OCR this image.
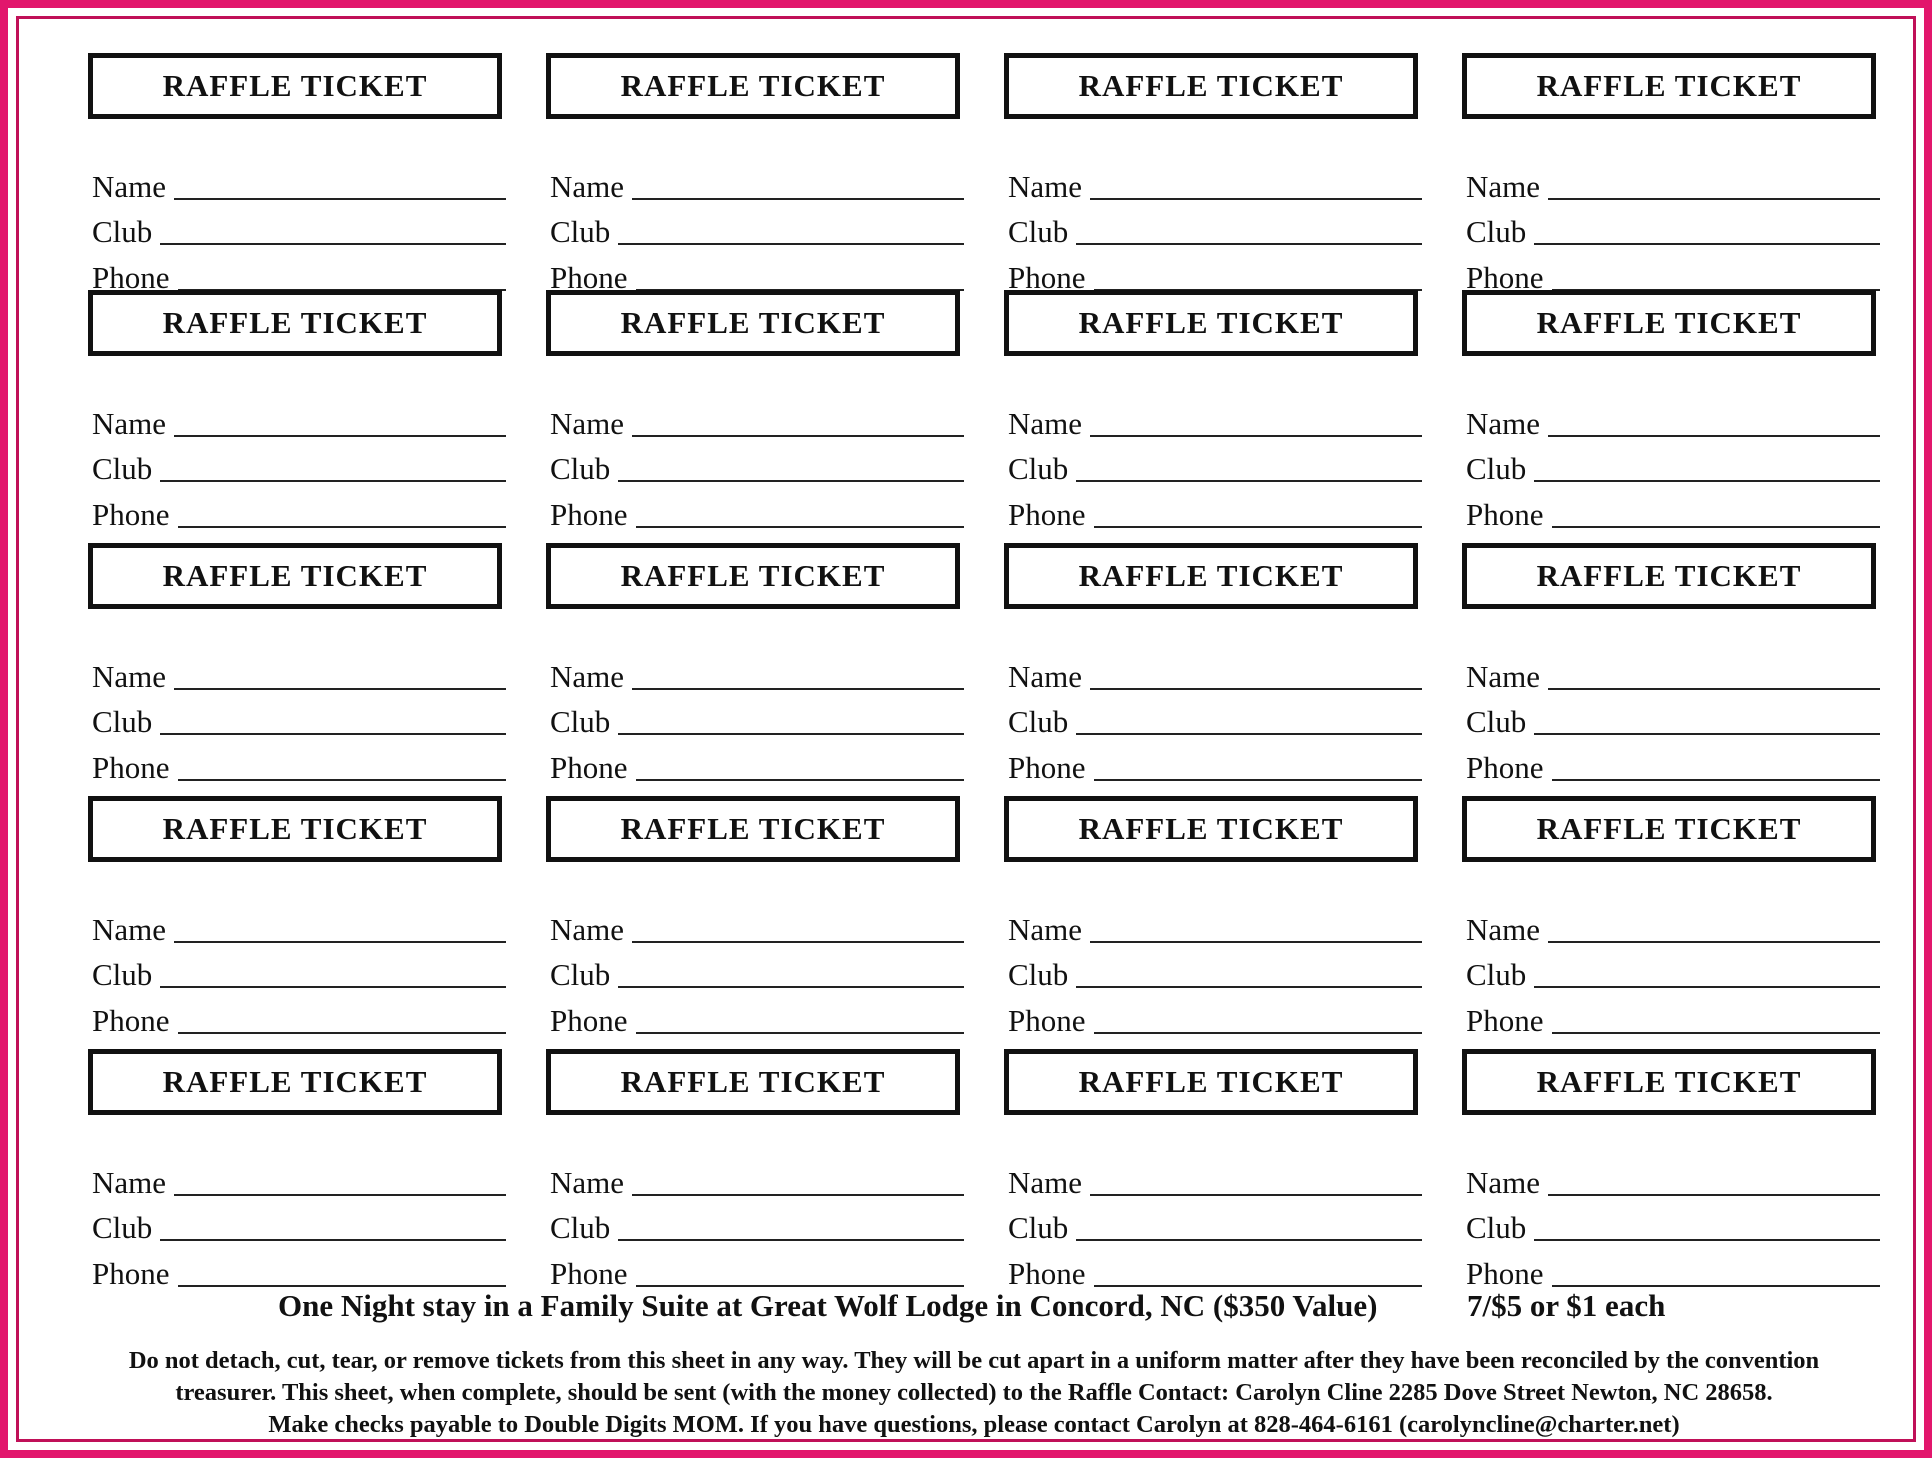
RAFFLE TICKET
Name
Club
Phone
RAFFLE TICKET
Name
Club
Phone
RAFFLE TICKET
Name
Club
Phone
RAFFLE TICKET
Name
Club
Phone
RAFFLE TICKET
Name
Club
Phone
RAFFLE TICKET
Name
Club
Phone
RAFFLE TICKET
Name
Club
Phone
RAFFLE TICKET
Name
Club
Phone
RAFFLE TICKET
Name
Club
Phone
RAFFLE TICKET
Name
Club
Phone
RAFFLE TICKET
Name
Club
Phone
RAFFLE TICKET
Name
Club
Phone
RAFFLE TICKET
Name
Club
Phone
RAFFLE TICKET
Name
Club
Phone
RAFFLE TICKET
Name
Club
Phone
RAFFLE TICKET
Name
Club
Phone
RAFFLE TICKET
Name
Club
Phone
RAFFLE TICKET
Name
Club
Phone
RAFFLE TICKET
Name
Club
Phone
RAFFLE TICKET
Name
Club
Phone
One Night stay in a Family Suite at Great Wolf Lodge in Concord, NC ($350 Value)	7/$5 or $1 each
Do not detach, cut, tear, or remove tickets from this sheet in any way. They will be cut apart in a uniform matter after they have been reconciled by the convention
treasurer. This sheet, when complete, should be sent (with the money collected) to the Raffle Contact: Carolyn Cline 2285 Dove Street Newton, NC 28658.
Make checks payable to Double Digits MOM. If you have questions, please contact Carolyn at 828-464-6161 (carolyncline@charter.net)
